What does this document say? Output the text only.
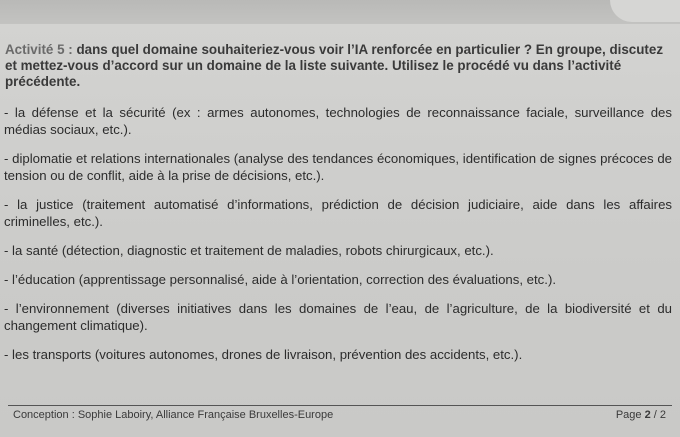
Activité 5 : dans quel domaine souhaiteriez-vous voir l’IA renforcée en particulier ? En groupe, discutez et mettez-vous d’accord sur un domaine de la liste suivante. Utilisez le procédé vu dans l’activité précédente.

- la défense et la sécurité (ex : armes autonomes, technologies de reconnaissance faciale, surveillance des médias sociaux, etc.).
- diplomatie et relations internationales (analyse des tendances économiques, identification de signes précoces de tension ou de conflit, aide à la prise de décisions, etc.).
- la justice (traitement automatisé d’informations, prédiction de décision judiciaire, aide dans les affaires criminelles, etc.).
- la santé (détection, diagnostic et traitement de maladies, robots chirurgicaux, etc.).
- l’éducation (apprentissage personnalisé, aide à l’orientation, correction des évaluations, etc.).
- l’environnement (diverses initiatives dans les domaines de l’eau, de l’agriculture, de la biodiversité et du changement climatique).
- les transports (voitures autonomes, drones de livraison, prévention des accidents, etc.).
Conception : Sophie Laboiry, Alliance Française Bruxelles-Europe	Page 2 / 2
